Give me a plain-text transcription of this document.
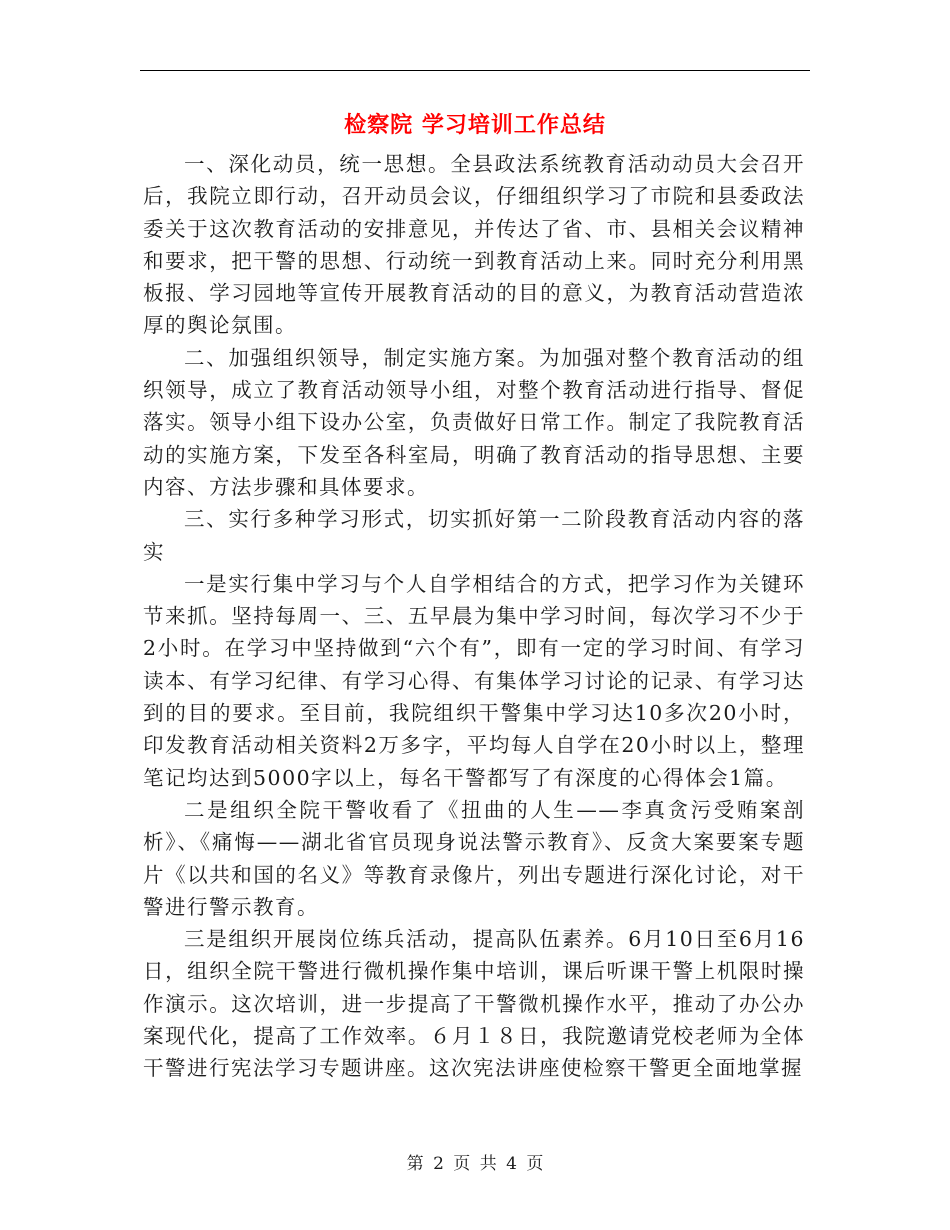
检察院 学习培训工作总结

一、深化动员，统一思想。全县政法系统教育活动动员大会召开后，我院立即行动，召开动员会议，仔细组织学习了市院和县委政法委关于这次教育活动的安排意见，并传达了省、市、县相关会议精神和要求，把干警的思想、行动统一到教育活动上来。同时充分利用黑板报、学习园地等宣传开展教育活动的目的意义，为教育活动营造浓厚的舆论氛围。

二、加强组织领导，制定实施方案。为加强对整个教育活动的组织领导，成立了教育活动领导小组，对整个教育活动进行指导、督促落实。领导小组下设办公室，负责做好日常工作。制定了我院教育活动的实施方案，下发至各科室局，明确了教育活动的指导思想、主要内容、方法步骤和具体要求。

三、实行多种学习形式，切实抓好第一二阶段教育活动内容的落实

一是实行集中学习与个人自学相结合的方式，把学习作为关键环节来抓。坚持每周一、三、五早晨为集中学习时间，每次学习不少于2小时。在学习中坚持做到“六个有”，即有一定的学习时间、有学习读本、有学习纪律、有学习心得、有集体学习讨论的记录、有学习达到的目的要求。至目前，我院组织干警集中学习达10多次20小时，印发教育活动相关资料2万多字，平均每人自学在20小时以上，整理笔记均达到5000字以上，每名干警都写了有深度的心得体会1篇。

二是组织全院干警收看了《扭曲的人生——李真贪污受贿案剖析》、《痛悔——湖北省官员现身说法警示教育》、反贪大案要案专题片《以共和国的名义》等教育录像片，列出专题进行深化讨论，对干警进行警示教育。

三是组织开展岗位练兵活动，提高队伍素养。6月10日至6月16日，组织全院干警进行微机操作集中培训，课后听课干警上机限时操作演示。这次培训，进一步提高了干警微机操作水平，推动了办公办案现代化，提高了工作效率。６月１８日，我院邀请党校老师为全体干警进行宪法学习专题讲座。这次宪法讲座使检察干警更全面地掌握

第 2 页 共 4 页
